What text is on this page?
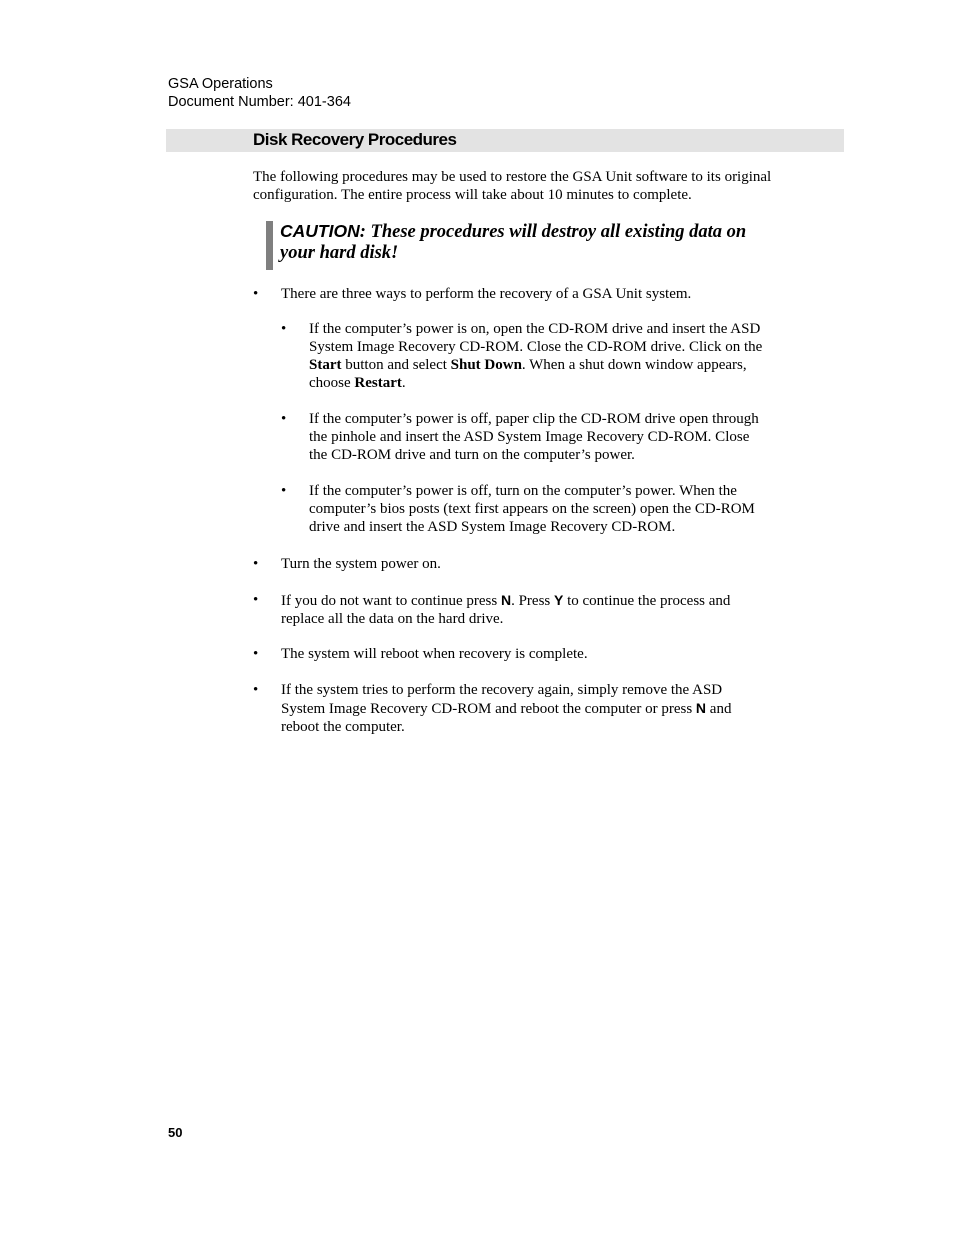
GSA Operations
Document Number: 401-364
Disk Recovery Procedures
The following procedures may be used to restore the GSA Unit software to its original
configuration. The entire process will take about 10 minutes to complete.
CAUTION: These procedures will destroy all existing data on
your hard disk!
• There are three ways to perform the recovery of a GSA Unit system.
• If the computer’s power is on, open the CD-ROM drive and insert the ASD
System Image Recovery CD-ROM. Close the CD-ROM drive. Click on the
Start button and select Shut Down. When a shut down window appears,
choose Restart.
• If the computer’s power is off, paper clip the CD-ROM drive open through
the pinhole and insert the ASD System Image Recovery CD-ROM. Close
the CD-ROM drive and turn on the computer’s power.
• If the computer’s power is off, turn on the computer’s power. When the
computer’s bios posts (text first appears on the screen) open the CD-ROM
drive and insert the ASD System Image Recovery CD-ROM.
• Turn the system power on.
• If you do not want to continue press N. Press Y to continue the process and
replace all the data on the hard drive.
• The system will reboot when recovery is complete.
• If the system tries to perform the recovery again, simply remove the ASD
System Image Recovery CD-ROM and reboot the computer or press N and
reboot the computer.
50
